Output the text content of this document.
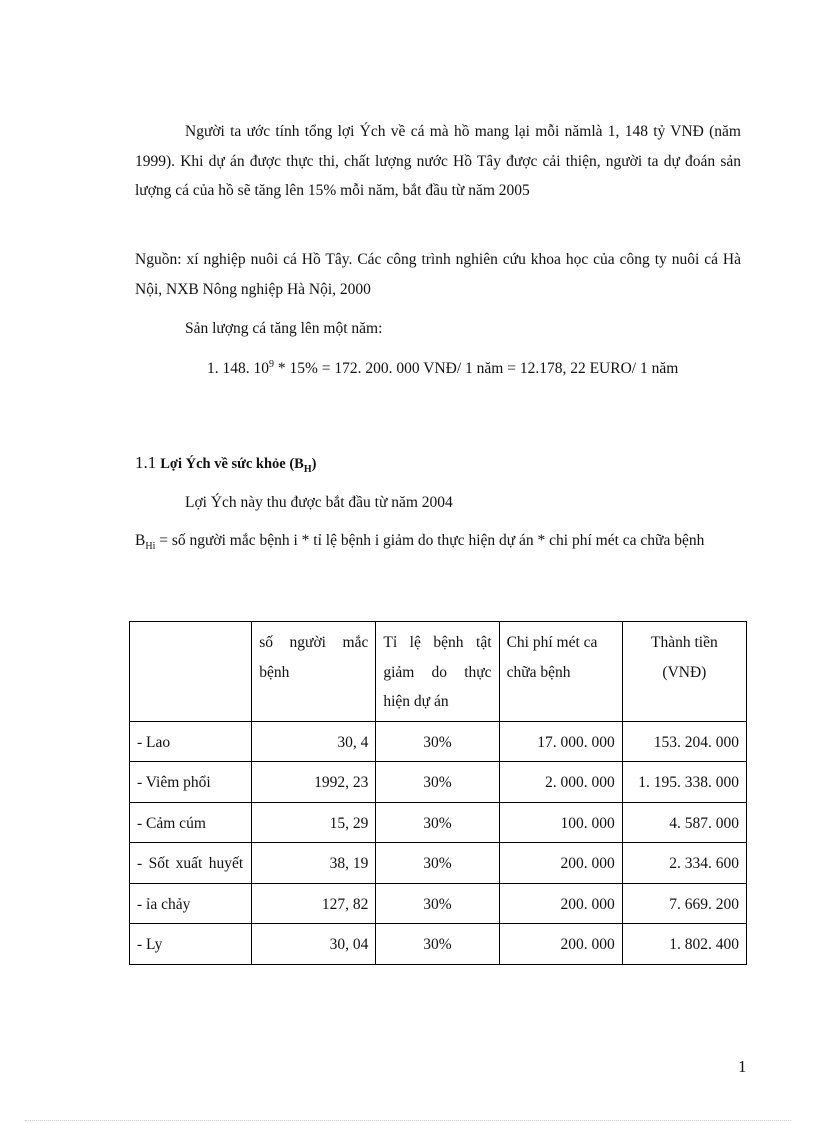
Người ta ước tính tổng lợi Ých về cá mà hồ mang lại mỗi nămlà 1, 148 tỷ VNĐ (năm 1999). Khi dự án được thực thi, chất lượng nước Hồ Tây được cải thiện, người ta dự đoán sản lượng cá của hồ sẽ tăng lên 15% mỗi năm, bắt đầu từ năm 2005

Nguồn: xí nghiệp nuôi cá Hồ Tây. Các công trình nghiên cứu khoa học của công ty nuôi cá Hà Nội, NXB Nông nghiệp Hà Nội, 2000

Sản lượng cá tăng lên một năm:

1. 148. $10^9 * 15\% = 172$. 200. 000 VNĐ/ 1 năm = 12.178, 22 EURO/ 1 năm

1.1 Lợi Ých về sức khỏe $(B_H)$

Lợi Ých này thu được bắt đầu từ năm 2004

$B_{Hi}$ = số người mắc bệnh i * tỉ lệ bệnh i giảm do thực hiện dự án * chi phí mét ca chữa bệnh

	số người mắc bệnh	Tỉ lệ bệnh tật giảm do thực hiện dự án	Chi phí mét ca chữa bệnh	Thành tiền
(VNĐ)

- Lao	30, 4	30%	17. 000. 000	153. 204. 000
- Viêm phổi	1992, 23	30%	2. 000. 000	1. 195. 338. 000
- Cảm cúm	15, 29	30%	100. 000	4. 587. 000
- Sốt xuất huyết	38, 19	30%	200. 000	2. 334. 600
- ỉa chảy	127, 82	30%	200. 000	7. 669. 200
- Ly	30, 04	30%	200. 000	1. 802. 400
1
